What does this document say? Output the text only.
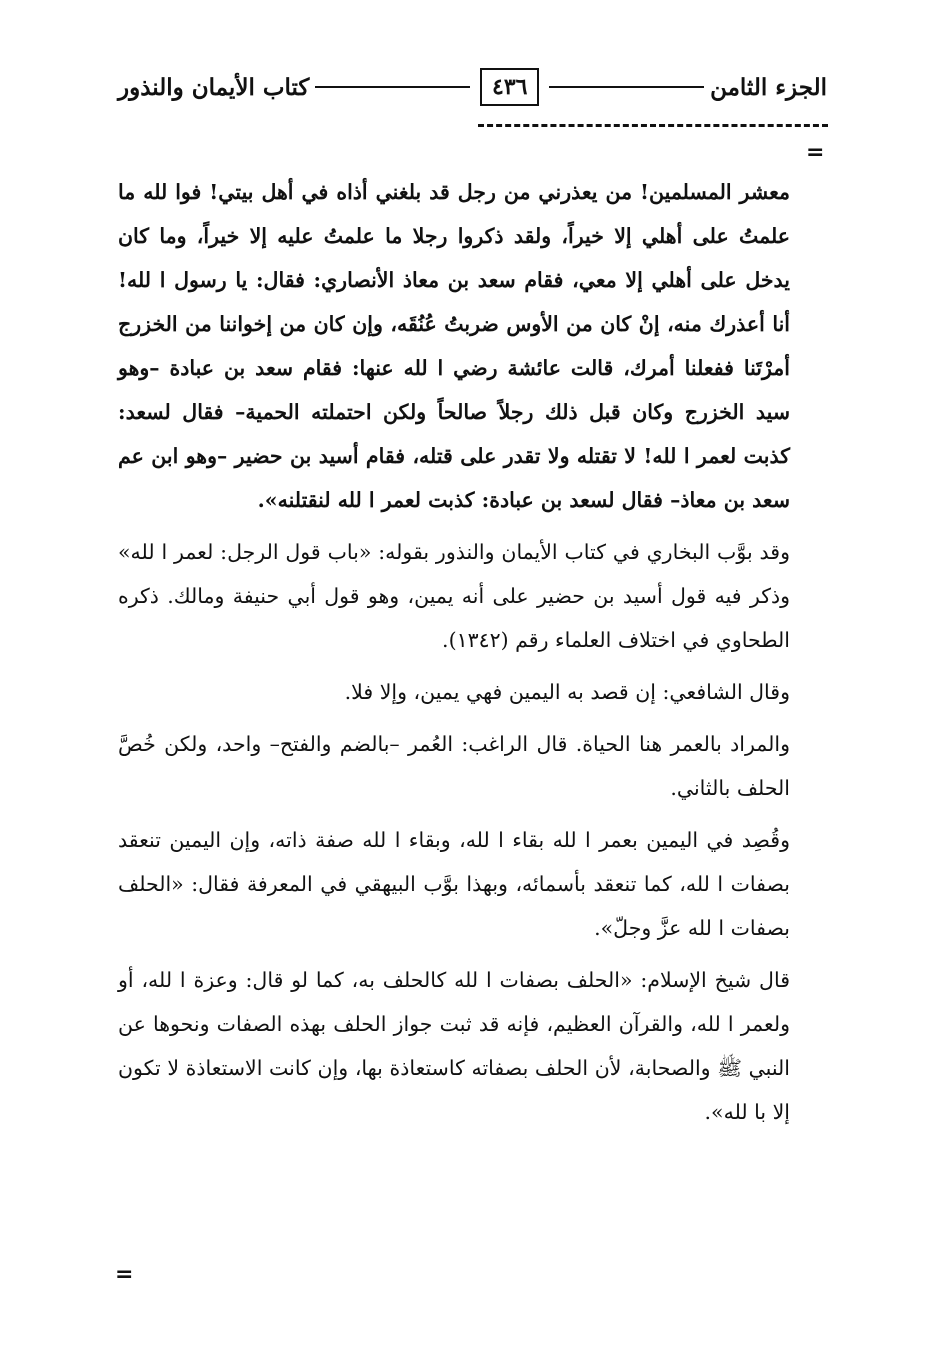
الجزء الثامن
٤٣٦
كتاب الأيمان والنذور
=

معشر المسلمين! من يعذرني من رجل قد بلغني أذاه في أهل بيتي! فوا لله ما علمتُ على أهلي إلا خيراً، ولقد ذكروا رجلا ما علمتُ عليه إلا خيراً، وما كان يدخل على أهلي إلا معي، فقام سعد بن معاذ الأنصاري: فقال: يا رسول ا لله! أنا أعذرك منه، إنْ كان من الأوس ضربتُ عُنُقَه، وإن كان من إخواننا من الخزرج أمرْتَنا ففعلنا أمرك، قالت عائشة رضي ا لله عنها: فقام سعد بن عبادة –وهو سيد الخزرج وكان قبل ذلك رجلاً صالحاً ولكن احتملته الحمية– فقال لسعد: كذبت لعمر ا لله! لا تقتله ولا تقدر على قتله، فقام أسيد بن حضير –وهو ابن عم سعد بن معاذ– فقال لسعد بن عبادة: كذبت لعمر ا لله لنقتلنه».

وقد بوَّب البخاري في كتاب الأيمان والنذور بقوله: «باب قول الرجل: لعمر ا لله» وذكر فيه قول أسيد بن حضير على أنه يمين، وهو قول أبي حنيفة ومالك. ذكره الطحاوي في اختلاف العلماء رقم (١٣٤٢).

وقال الشافعي: إن قصد به اليمين فهي يمين، وإلا فلا.

والمراد بالعمر هنا الحياة. قال الراغب: العُمر –بالضم والفتح– واحد، ولكن خُصَّ الحلف بالثاني.

وقُصِد في اليمين بعمر ا لله بقاء ا لله، وبقاء ا لله صفة ذاته، وإن اليمين تنعقد بصفات ا لله، كما تنعقد بأسمائه، وبهذا بوَّب البيهقي في المعرفة فقال: «الحلف بصفات ا لله عزَّ وجلّ».

قال شيخ الإسلام: «الحلف بصفات ا لله كالحلف به، كما لو قال: وعزة ا لله، أو ولعمر ا لله، والقرآن العظيم، فإنه قد ثبت جواز الحلف بهذه الصفات ونحوها عن النبي ﷺ والصحابة، لأن الحلف بصفاته كاستعاذة بها، وإن كانت الاستعاذة لا تكون إلا با لله».

=
